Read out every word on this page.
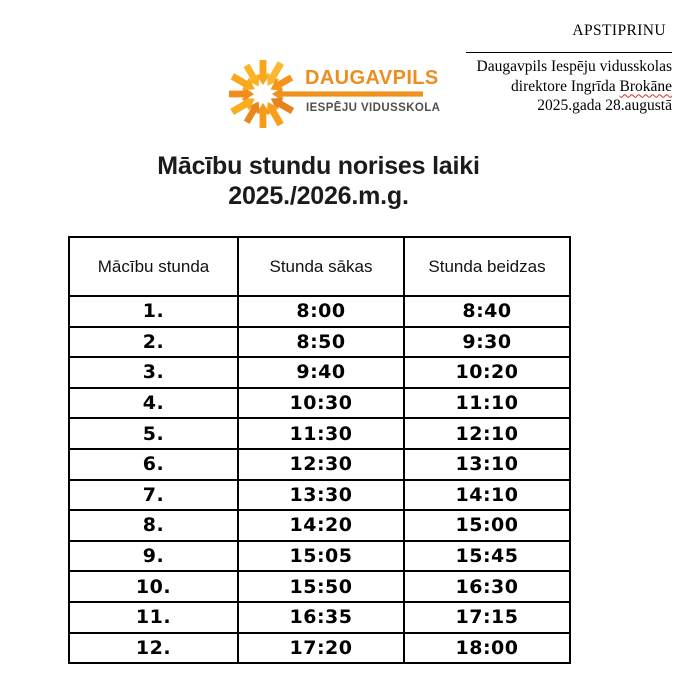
APSTIPRINU
Daugavpils Iespēju vidusskolas
direktore Ingrīda Brokāne
2025.gada 28.augustā
DAUGAVPILS
IESPĒJU VIDUSSKOLA
Mācību stundu norises laiki
2025./2026.m.g.
Mācību stunda	Stunda sākas	Stunda beidzas
1.	8:00	8:40
2.	8:50	9:30
3.	9:40	10:20
4.	10:30	11:10
5.	11:30	12:10
6.	12:30	13:10
7.	13:30	14:10
8.	14:20	15:00
9.	15:05	15:45
10.	15:50	16:30
11.	16:35	17:15
12.	17:20	18:00
